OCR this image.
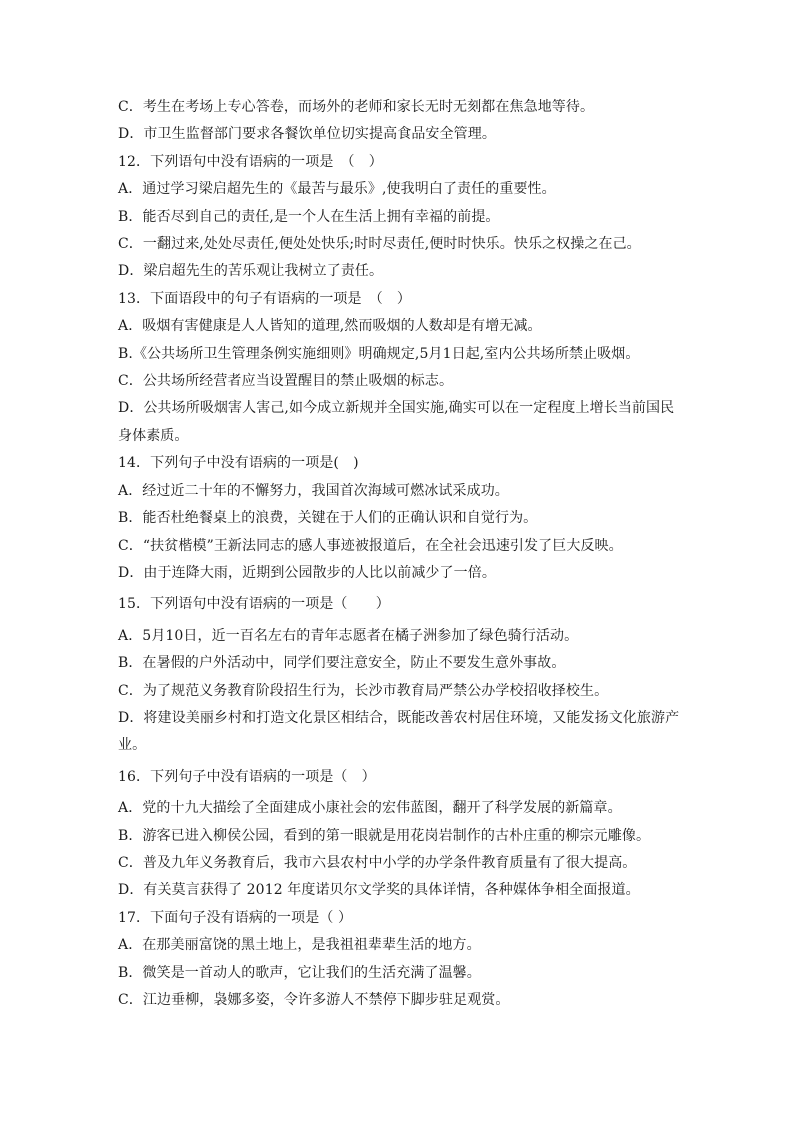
C．考生在考场上专心答卷，而场外的老师和家长无时无刻都在焦急地等待。
D．市卫生监督部门要求各餐饮单位切实提高食品安全管理。
12．下列语句中没有语病的一项是　（　）
A．通过学习梁启超先生的《最苦与最乐》,使我明白了责任的重要性。
B．能否尽到自己的责任,是一个人在生活上拥有幸福的前提。
C．一翻过来,处处尽责任,便处处快乐;时时尽责任,便时时快乐。快乐之权操之在己。
D．梁启超先生的苦乐观让我树立了责任。
13．下面语段中的句子有语病的一项是　（　）
A．吸烟有害健康是人人皆知的道理,然而吸烟的人数却是有增无减。
B.《公共场所卫生管理条例实施细则》明确规定,5月1日起,室内公共场所禁止吸烟。
C．公共场所经营者应当设置醒目的禁止吸烟的标志。
D．公共场所吸烟害人害己,如今成立新规并全国实施,确实可以在一定程度上增长当前国民
身体素质。
14．下列句子中没有语病的一项是(　)
A．经过近二十年的不懈努力，我国首次海域可燃冰试采成功。
B．能否杜绝餐桌上的浪费，关键在于人们的正确认识和自觉行为。
C．“扶贫楷模”王新法同志的感人事迹被报道后，在全社会迅速引发了巨大反映。
D．由于连降大雨，近期到公园散步的人比以前减少了一倍。
15．下列语句中没有语病的一项是（　　）
A．5月10日，近一百名左右的青年志愿者在橘子洲参加了绿色骑行活动。
B．在暑假的户外活动中，同学们要注意安全，防止不要发生意外事故。
C．为了规范义务教育阶段招生行为，长沙市教育局严禁公办学校招收择校生。
D．将建设美丽乡村和打造文化景区相结合，既能改善农村居住环境，又能发扬文化旅游产
业。
16．下列句子中没有语病的一项是（　）
A．党的十九大描绘了全面建成小康社会的宏伟蓝图，翻开了科学发展的新篇章。
B．游客已进入柳侯公园，看到的第一眼就是用花岗岩制作的古朴庄重的柳宗元雕像。
C．普及九年义务教育后，我市六县农村中小学的办学条件教育质量有了很大提高。
D．有关莫言获得了 2012 年度诺贝尔文学奖的具体详情，各种媒体争相全面报道。
17．下面句子没有语病的一项是（ ）
A．在那美丽富饶的黑土地上，是我祖祖辈辈生活的地方。
B．微笑是一首动人的歌声，它让我们的生活充满了温馨。
C．江边垂柳，袅娜多姿，令许多游人不禁停下脚步驻足观赏。
